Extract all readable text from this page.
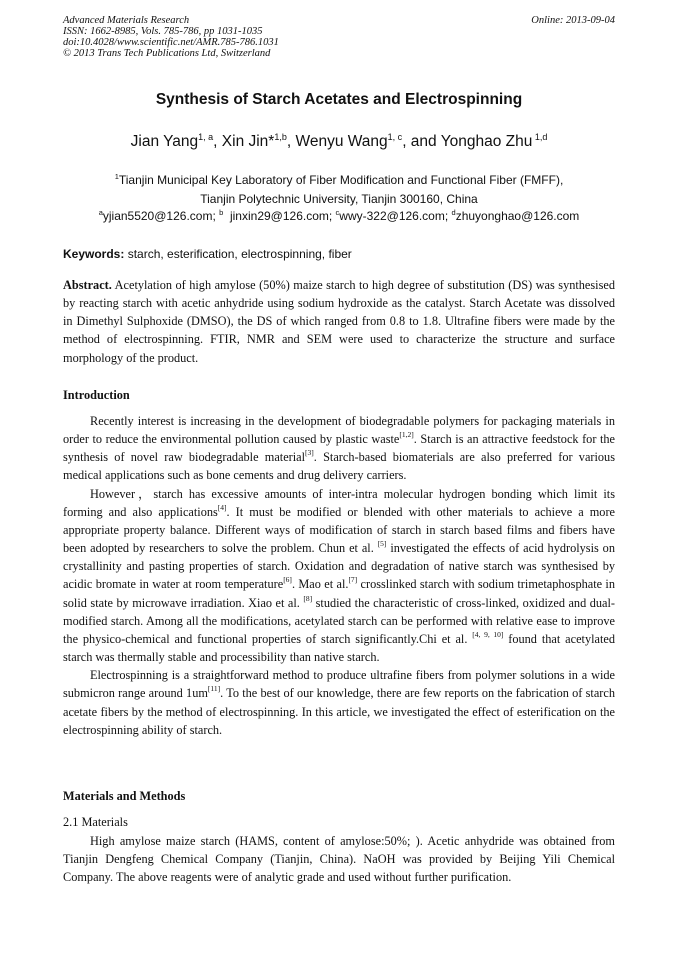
Advanced Materials Research
ISSN: 1662-8985, Vols. 785-786, pp 1031-1035
doi:10.4028/www.scientific.net/AMR.785-786.1031
© 2013 Trans Tech Publications Ltd, Switzerland
Online: 2013-09-04
Synthesis of Starch Acetates and Electrospinning
Jian Yang$^{1, a}$, Xin Jin*$^{1,b}$, Wenyu Wang$^{1, c}$, and Yonghao Zhu $^{1,d}$
$^1$Tianjin Municipal Key Laboratory of Fiber Modification and Functional Fiber (FMFF),
Tianjin Polytechnic University, Tianjin 300160, China
$^a$yjian5520@126.com; $^b$ jinxin29@126.com; $^c$wwy-322@126.com; $^d$zhuyonghao@126.com
Keywords: starch, esterification, electrospinning, fiber

Abstract. Acetylation of high amylose (50%) maize starch to high degree of substitution (DS) was synthesised by reacting starch with acetic anhydride using sodium hydroxide as the catalyst. Starch Acetate was dissolved in Dimethyl Sulphoxide (DMSO), the DS of which ranged from 0.8 to 1.8. Ultrafine fibers were made by the method of electrospinning. FTIR, NMR and SEM were used to characterize the structure and surface morphology of the product.

Introduction

Recently interest is increasing in the development of biodegradable polymers for packaging materials in order to reduce the environmental pollution caused by plastic waste[1,2]. Starch is an attractive feedstock for the synthesis of novel raw biodegradable material[3]. Starch-based biomaterials are also preferred for various medical applications such as bone cements and drug delivery carriers.

However，starch has excessive amounts of inter-intra molecular hydrogen bonding which limit its forming and also applications[4]. It must be modified or blended with other materials to achieve a more appropriate property balance. Different ways of modification of starch in starch based films and fibers have been adopted by researchers to solve the problem. Chun et al. [5] investigated the effects of acid hydrolysis on crystallinity and pasting properties of starch. Oxidation and degradation of native starch was synthesised by acidic bromate in water at room temperature[6]. Mao et al.[7] crosslinked starch with sodium trimetaphosphate in solid state by microwave irradiation. Xiao et al. [8] studied the characteristic of cross-linked, oxidized and dual-modified starch. Among all the modifications, acetylated starch can be performed with relative ease to improve the physico-chemical and functional properties of starch significantly.Chi et al. [4, 9, 10] found that acetylated starch was thermally stable and processibility than native starch.

Electrospinning is a straightforward method to produce ultrafine fibers from polymer solutions in a wide submicron range around 1um[11]. To the best of our knowledge, there are few reports on the fabrication of starch acetate fibers by the method of electrospinning. In this article, we investigated the effect of esterification on the electrospinning ability of starch.

Materials and Methods
2.1 Materials

High amylose maize starch (HAMS, content of amylose:50%; ). Acetic anhydride was obtained from Tianjin Dengfeng Chemical Company (Tianjin, China). NaOH was provided by Beijing Yili Chemical Company. The above reagents were of analytic grade and used without further purification.
